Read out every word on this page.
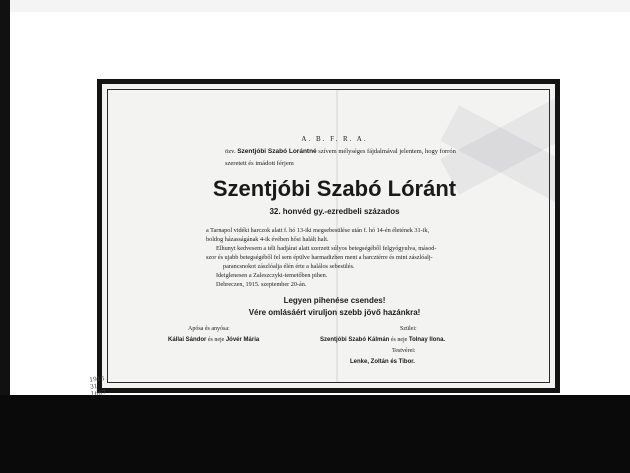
A. B. F. R. A.
özv. Szentjóbi Szabó Lorántné szívem mélységes fájdalmával jelentem, hogy forrón
szeretett és imádott férjem
Szentjóbi Szabó Lóránt
32. honvéd gy.-ezredbeli százados
a Tarnapol vidéki harczok alatt f. hó 13-iki megsebesülése után f. hó 14-én életének 31-ik,
boldog házasságának 4-ik évében hősi halált halt.
Elhunyt kedvesem a téli hadjárat alatt szerzett súlyos betegségéből felgyógyulva, másod-
szor és ujabb betegségéből fel sem épülve harmadizben ment a harcztérre és mint zászlóalj-
parancsnokot zászlóalja élén érte a halálos sebesülés.
Ideiglenesen a Zaleszczyki-temetőben pihen.
Debreczen, 1915. szeptember 20-án.
Legyen pihenése csendes!
Vére omlásáért viruljon szebb jövő hazánkra!
Apósa és anyósa:
Kállai Sándor és neje Jóvér Mária
Szülei:
Szentjóbi Szabó Kálmán és neje Tolnay Ilona.
Testvérei:
Lenke, Zoltán és Tibor.
Debreczen sz. kir. város könyvnyomda-vállalata 1915—1776
1915
31
1667
